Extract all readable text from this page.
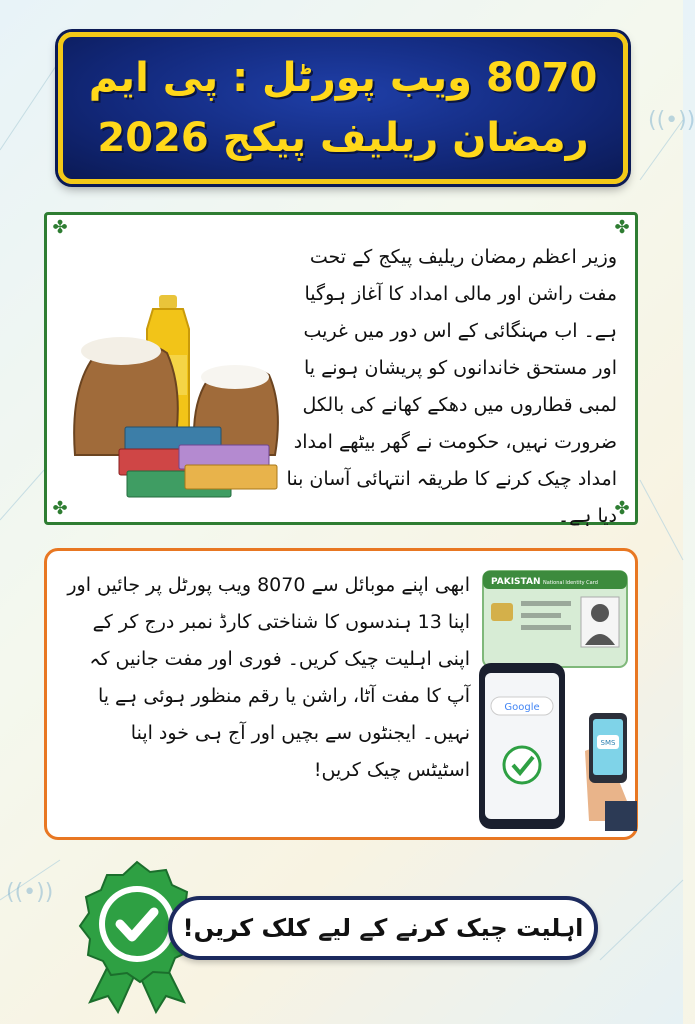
((•))
((•))
8070 ویب پورٹل : پی ایم
رمضان ریلیف پیکج 2026
✤	✤
✤	✤
وزیر اعظم رمضان ریلیف پیکج کے تحت مفت راشن اور مالی امداد کا آغاز ہوگیا ہے۔ اب مہنگائی کے اس دور میں غریب اور مستحق خاندانوں کو پریشان ہونے یا لمبی قطاروں میں دھکے کھانے کی بالکل ضرورت نہیں، حکومت نے گھر بیٹھے امداد امداد چیک کرنے کا طریقہ انتہائی آسان بنا دیا ہے۔
ابھی اپنے موبائل سے 8070 ویب پورٹل پر جائیں اور اپنا 13 ہندسوں کا شناختی کارڈ نمبر درج کر کے اپنی اہلیت چیک کریں۔ فوری اور مفت جانیں کہ آپ کا مفت آٹا، راشن یا رقم منظور ہوئی ہے یا نہیں۔ ایجنٹوں سے بچیں اور آج ہی خود اپنا اسٹیٹس چیک کریں!
PAKISTAN National Identity Card
Google
SMS
اہلیت چیک کرنے کے لیے کلک کریں!
